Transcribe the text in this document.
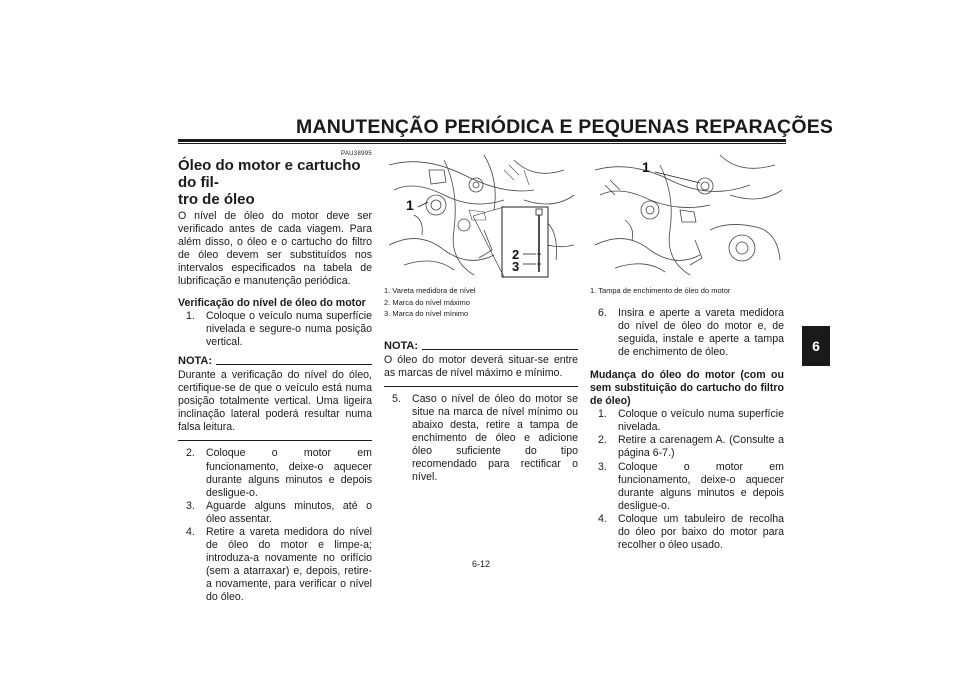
MANUTENÇÃO PERIÓDICA E PEQUENAS REPARAÇÕES
6
PAU38995
Óleo do motor e cartucho do fil-
tro de óleo

O nível de óleo do motor deve ser verificado antes de cada viagem. Para além disso, o óleo e o cartucho do filtro de óleo devem ser substituídos nos intervalos especificados na tabela de lubrificação e manutenção periódica.

Verificação do nível de óleo do motor
1.	Coloque o veículo numa superfície nivelada e segure-o numa posição vertical.
NOTA:

Durante a verificação do nível do óleo, certifique-se de que o veículo está numa posição totalmente vertical. Uma ligeira inclinação lateral poderá resultar numa falsa leitura.

2.	Coloque o motor em funcionamento, deixe-o aquecer durante alguns minutos e depois desligue-o.
3.	Aguarde alguns minutos, até o óleo assentar.
4.	Retire a vareta medidora do nível de óleo do motor e limpe-a; introduza-a novamente no orifício (sem a atarraxar) e, depois, retire-a novamente, para verificar o nível do óleo.
1
2
3
1. Vareta medidora de nível
2. Marca do nível máximo
3. Marca do nível mínimo
NOTA:

O óleo do motor deverá situar-se entre as marcas de nível máximo e mínimo.

5.	Caso o nível de óleo do motor se situe na marca de nível mínimo ou abaixo desta, retire a tampa de enchimento de óleo e adicione óleo suficiente do tipo recomendado para rectificar o nível.
1
1. Tampa de enchimento de óleo do motor
6.	Insira e aperte a vareta medidora do nível de óleo do motor e, de seguida, instale e aperte a tampa de enchimento de óleo.
Mudança do óleo do motor (com ou sem substituição do cartucho do filtro de óleo)
1.	Coloque o veículo numa superfície nivelada.
2.	Retire a carenagem A. (Consulte a página 6-7.)
3.	Coloque o motor em funcionamento, deixe-o aquecer durante alguns minutos e depois desligue-o.
4.	Coloque um tabuleiro de recolha do óleo por baixo do motor para recolher o óleo usado.
6-12
